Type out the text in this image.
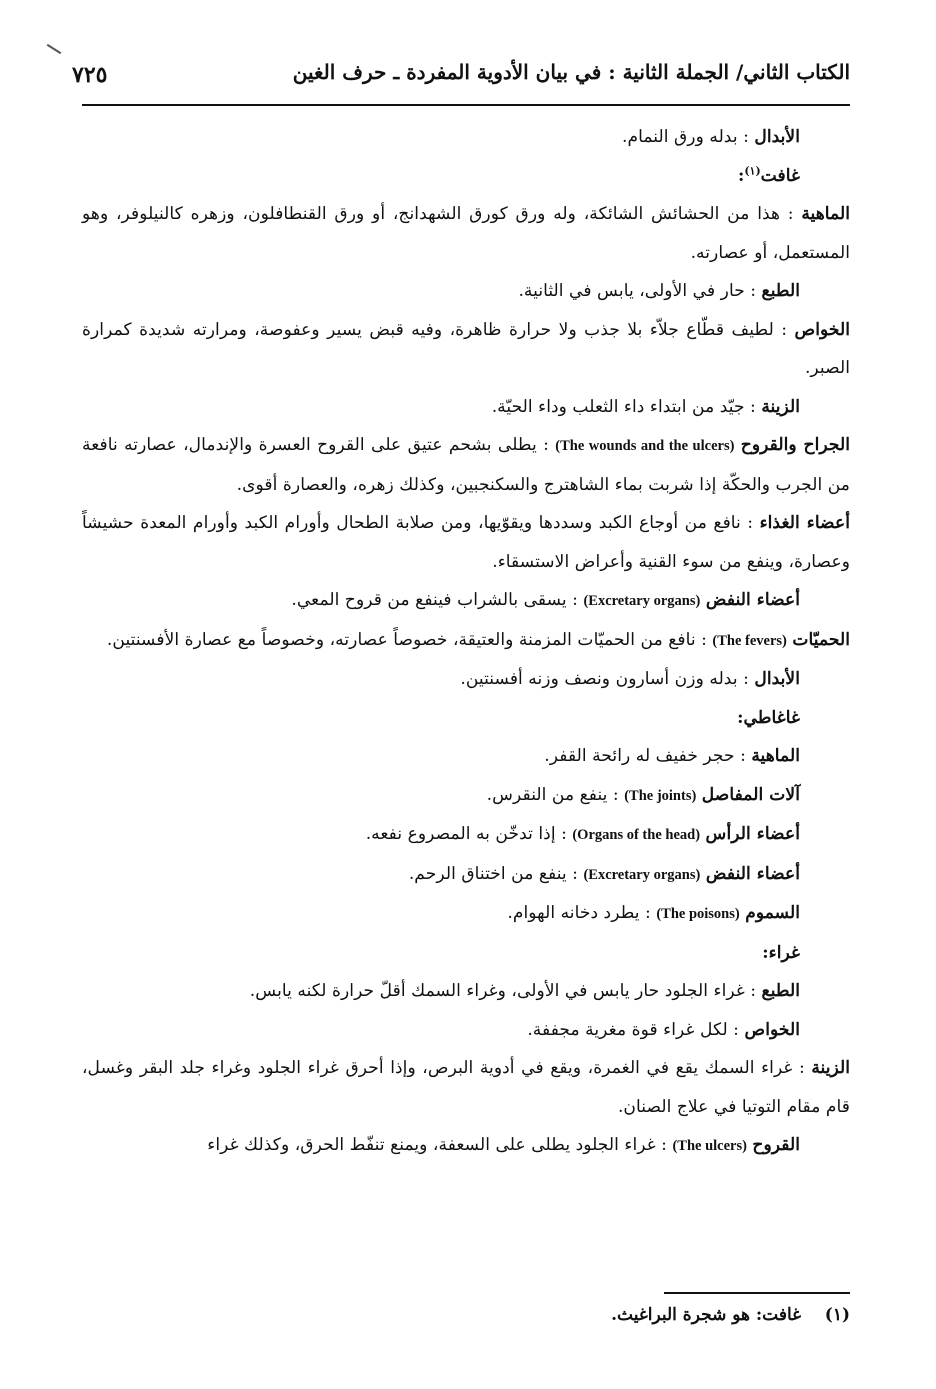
٧٢٥	الكتاب الثاني/ الجملة الثانية : في بيان الأدوية المفردة ـ حرف الغين

الأبدال : بدله ورق النمام.

غافت$^{(١)}$:

الماهية : هذا من الحشائش الشائكة، وله ورق كورق الشهدانج، أو ورق القنطافلون، وزهره كالنيلوفر، وهو المستعمل، أو عصارته.

الطبع : حار في الأولى، يابس في الثانية.

الخواص : لطيف قطّاع جلاّء بلا جذب ولا حرارة ظاهرة، وفيه قبض يسير وعفوصة، ومرارته شديدة كمرارة الصبر.

الزينة : جيّد من ابتداء داء الثعلب وداء الحيّة.

الجراح والقروح (The wounds and the ulcers) : يطلى بشحم عتيق على القروح العسرة والإندمال، عصارته نافعة من الجرب والحكّة إذا شربت بماء الشاهترج والسكنجبين، وكذلك زهره، والعصارة أقوى.

أعضاء الغذاء : نافع من أوجاع الكبد وسددها ويقوّيها، ومن صلابة الطحال وأورام الكبد وأورام المعدة حشيشاً وعصارة، وينفع من سوء القنية وأعراض الاستسقاء.

أعضاء النفض (Excretary organs) : يسقى بالشراب فينفع من قروح المعي.

الحميّات (The fevers) : نافع من الحميّات المزمنة والعتيقة، خصوصاً عصارته، وخصوصاً مع عصارة الأفسنتين.

الأبدال : بدله وزن أسارون ونصف وزنه أفسنتين.

غاغاطي:

الماهية : حجر خفيف له رائحة القفر.

آلات المفاصل (The joints) : ينفع من النقرس.

أعضاء الرأس (Organs of the head) : إذا تدخّن به المصروع نفعه.

أعضاء النفض (Excretary organs) : ينفع من اختناق الرحم.

السموم (The poisons) : يطرد دخانه الهوام.

غراء:

الطبع : غراء الجلود حار يابس في الأولى، وغراء السمك أقلّ حرارة لكنه يابس.

الخواص : لكل غراء قوة مغرية مجففة.

الزينة : غراء السمك يقع في الغمرة، ويقع في أدوية البرص، وإذا أحرق غراء الجلود وغراء جلد البقر وغسل، قام مقام التوتيا في علاج الصنان.

القروح (The ulcers) : غراء الجلود يطلى على السعفة، ويمنع تنفّط الحرق، وكذلك غراء

(١)    غافت: هو شجرة البراغيث.
